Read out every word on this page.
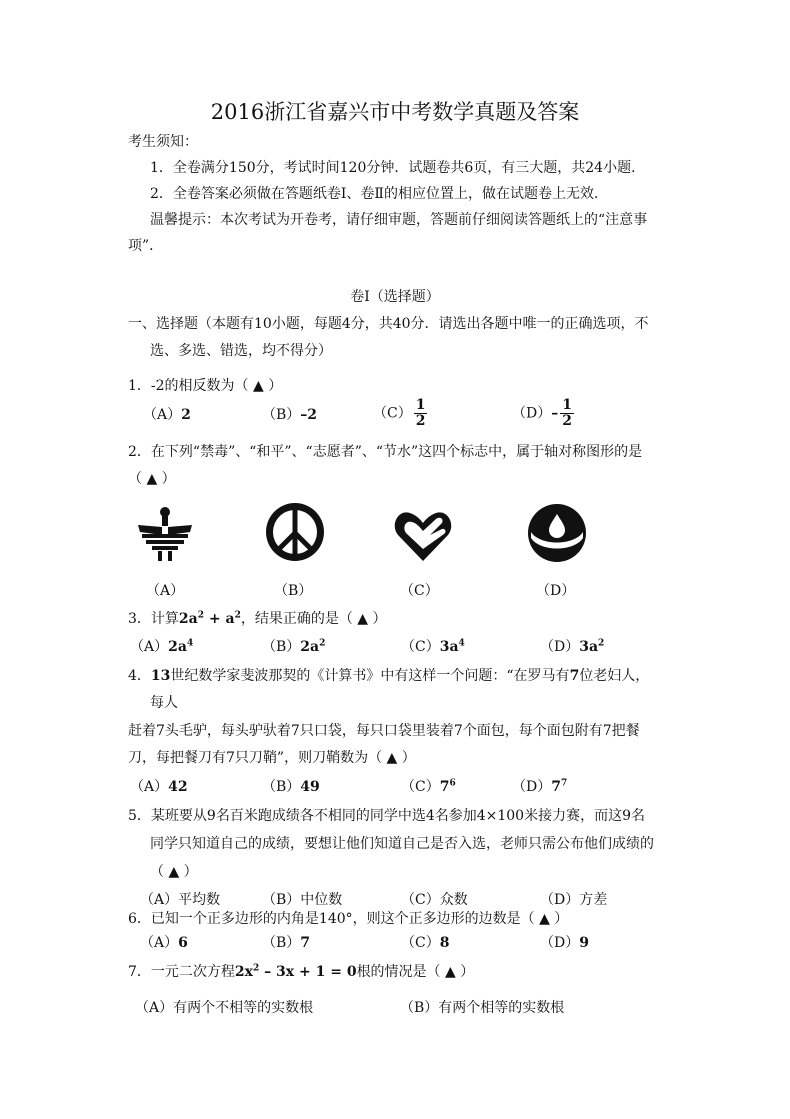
2016浙江省嘉兴市中考数学真题及答案
考生须知：
1．全卷满分150分，考试时间120分钟．试题卷共6页，有三大题，共24小题．
2．全卷答案必须做在答题纸卷Ⅰ、卷Ⅱ的相应位置上，做在试题卷上无效．
温馨提示：本次考试为开卷考，请仔细审题，答题前仔细阅读答题纸上的“注意事
项”．
卷Ⅰ（选择题）
一、选择题（本题有10小题，每题4分，共40分．请选出各题中唯一的正确选项，不
选、多选、错选，均不得分）
1．-2的相反数为（ ▲ ）
（A）2	（B）–2	$(C) \frac{1}{2}$	$(D)- \frac{1}{2}$
2．在下列“禁毒”、“和平”、“志愿者”、“节水”这四个标志中，属于轴对称图形的是
（ ▲ ）
（A）	（B）	（C）	（D）
3．计算$2a^2 + a^2$，结果正确的是（ ▲ ）
$(A)2a^4$	$(B)2a^2$	$(C)3a^4$	$(D)3a^2$
4．13世纪数学家斐波那契的《计算书》中有这样一个问题：“在罗马有7位老妇人，
每人
赶着7头毛驴，每头驴驮着7只口袋，每只口袋里装着7个面包，每个面包附有7把餐
刀，每把餐刀有7只刀鞘”，则刀鞘数为（ ▲ ）
（A）42	（B）49	$(C)7^6$	$(D)7^7$
5．某班要从9名百米跑成绩各不相同的同学中选4名参加4×100米接力赛，而这9名
同学只知道自己的成绩，要想让他们知道自己是否入选，老师只需公布他们成绩的
（ ▲ ）
（A）平均数	（B）中位数	（C）众数	（D）方差
6．已知一个正多边形的内角是140°，则这个正多边形的边数是（ ▲ ）
（A）6	（B）7	（C）8	（D）9
7．一元二次方程$2x^2 - 3x + 1 = 0$根的情况是（ ▲ ）
（A）有两个不相等的实数根	（B）有两个相等的实数根
